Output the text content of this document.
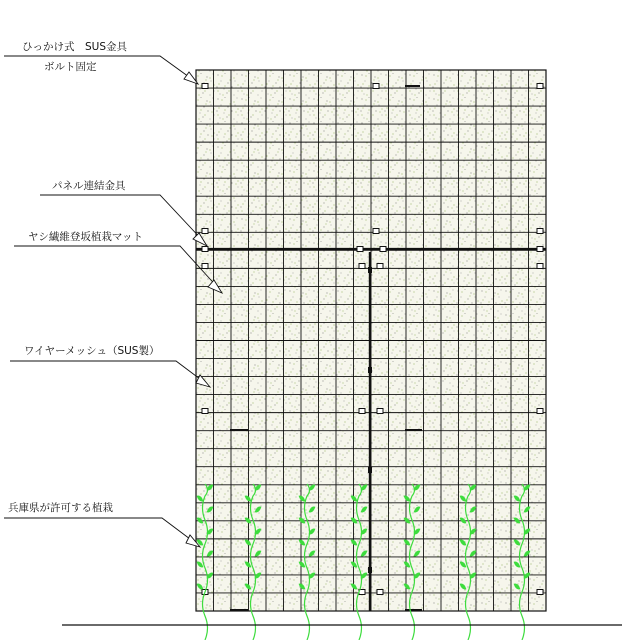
ひっかけ式　SUS金具
ボルト固定
パネル連結金具
ヤシ繊維登坂植栽マット
ワイヤーメッシュ（SUS製）
兵庫県が許可する植栽
